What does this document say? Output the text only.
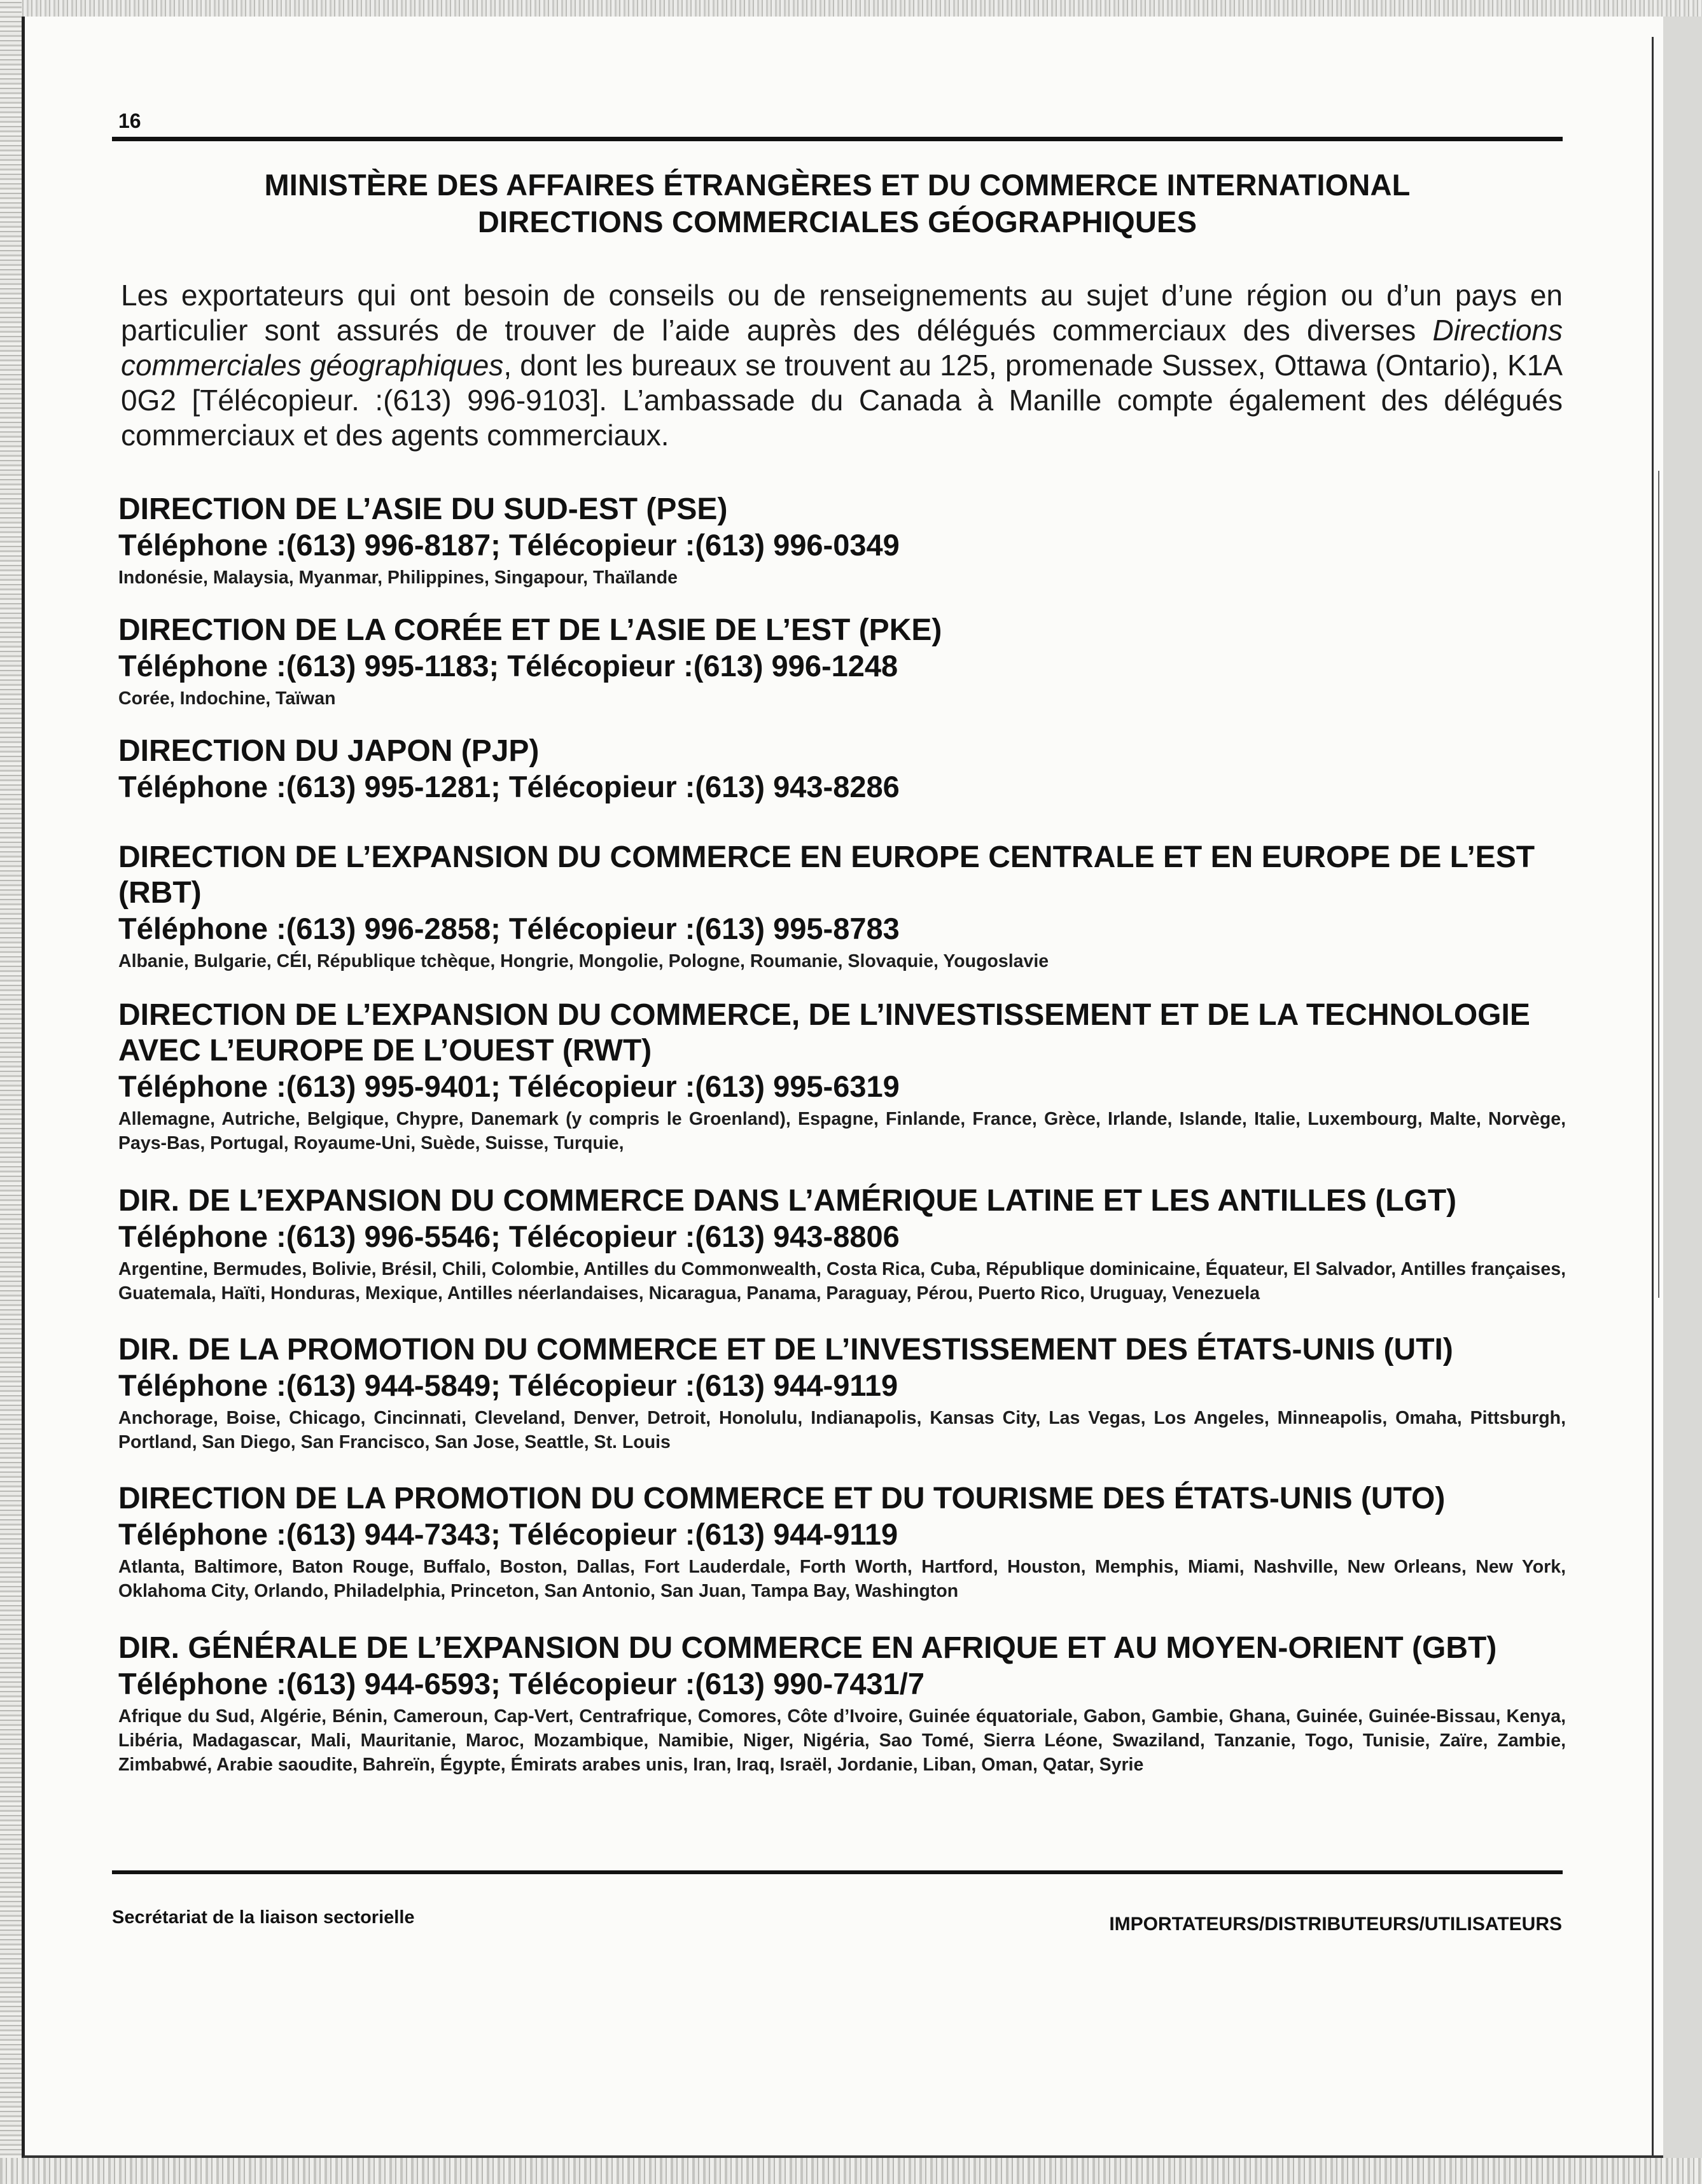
16
MINISTÈRE DES AFFAIRES ÉTRANGÈRES ET DU COMMERCE INTERNATIONAL
DIRECTIONS COMMERCIALES GÉOGRAPHIQUES

Les exportateurs qui ont besoin de conseils ou de renseignements au sujet d’une région ou d’un pays en particulier sont assurés de trouver de l’aide auprès des délégués commerciaux des diverses Directions commerciales géographiques, dont les bureaux se trouvent au 125, promenade Sussex, Ottawa (Ontario), K1A 0G2 [Télécopieur. :(613) 996-9103]. L’ambassade du Canada à Manille compte également des délégués commerciaux et des agents commerciaux.

DIRECTION DE L’ASIE DU SUD-EST (PSE)

Téléphone :(613) 996-8187; Télécopieur :(613) 996-0349

Indonésie, Malaysia, Myanmar, Philippines, Singapour, Thaïlande

DIRECTION DE LA CORÉE ET DE L’ASIE DE L’EST (PKE)

Téléphone :(613) 995-1183; Télécopieur :(613) 996-1248

Corée, Indochine, Taïwan

DIRECTION DU JAPON (PJP)

Téléphone :(613) 995-1281; Télécopieur :(613) 943-8286

DIRECTION DE L’EXPANSION DU COMMERCE EN EUROPE CENTRALE ET EN EUROPE DE L’EST (RBT)

Téléphone :(613) 996-2858; Télécopieur :(613) 995-8783

Albanie, Bulgarie, CÉI, République tchèque, Hongrie, Mongolie, Pologne, Roumanie, Slovaquie, Yougoslavie

DIRECTION DE L’EXPANSION DU COMMERCE, DE L’INVESTISSEMENT ET DE LA TECHNOLOGIE AVEC L’EUROPE DE L’OUEST (RWT)

Téléphone :(613) 995-9401; Télécopieur :(613) 995-6319

Allemagne, Autriche, Belgique, Chypre, Danemark (y compris le Groenland), Espagne, Finlande, France, Grèce, Irlande, Islande, Italie, Luxembourg, Malte, Norvège, Pays-Bas, Portugal, Royaume-Uni, Suède, Suisse, Turquie,

DIR. DE L’EXPANSION DU COMMERCE DANS L’AMÉRIQUE LATINE ET LES ANTILLES (LGT)

Téléphone :(613) 996-5546; Télécopieur :(613) 943-8806

Argentine, Bermudes, Bolivie, Brésil, Chili, Colombie, Antilles du Commonwealth, Costa Rica, Cuba, République dominicaine, Équateur, El Salvador, Antilles françaises, Guatemala, Haïti, Honduras, Mexique, Antilles néerlandaises, Nicaragua, Panama, Paraguay, Pérou, Puerto Rico, Uruguay, Venezuela

DIR. DE LA PROMOTION DU COMMERCE ET DE L’INVESTISSEMENT DES ÉTATS-UNIS (UTI)

Téléphone :(613) 944-5849; Télécopieur :(613) 944-9119

Anchorage, Boise, Chicago, Cincinnati, Cleveland, Denver, Detroit, Honolulu, Indianapolis, Kansas City, Las Vegas, Los Angeles, Minneapolis, Omaha, Pittsburgh, Portland, San Diego, San Francisco, San Jose, Seattle, St. Louis

DIRECTION DE LA PROMOTION DU COMMERCE ET DU TOURISME DES ÉTATS-UNIS (UTO)

Téléphone :(613) 944-7343; Télécopieur :(613) 944-9119

Atlanta, Baltimore, Baton Rouge, Buffalo, Boston, Dallas, Fort Lauderdale, Forth Worth, Hartford, Houston, Memphis, Miami, Nashville, New Orleans, New York, Oklahoma City, Orlando, Philadelphia, Princeton, San Antonio, San Juan, Tampa Bay, Washington

DIR. GÉNÉRALE DE L’EXPANSION DU COMMERCE EN AFRIQUE ET AU MOYEN-ORIENT (GBT)

Téléphone :(613) 944-6593; Télécopieur :(613) 990-7431/7

Afrique du Sud, Algérie, Bénin, Cameroun, Cap-Vert, Centrafrique, Comores, Côte d’Ivoire, Guinée équatoriale, Gabon, Gambie, Ghana, Guinée, Guinée-Bissau, Kenya, Libéria, Madagascar, Mali, Mauritanie, Maroc, Mozambique, Namibie, Niger, Nigéria, Sao Tomé, Sierra Léone, Swaziland, Tanzanie, Togo, Tunisie, Zaïre, Zambie, Zimbabwé, Arabie saoudite, Bahreïn, Égypte, Émirats arabes unis, Iran, Iraq, Israël, Jordanie, Liban, Oman, Qatar, Syrie

Secrétariat de la liaison sectorielle	IMPORTATEURS/DISTRIBUTEURS/UTILISATEURS
